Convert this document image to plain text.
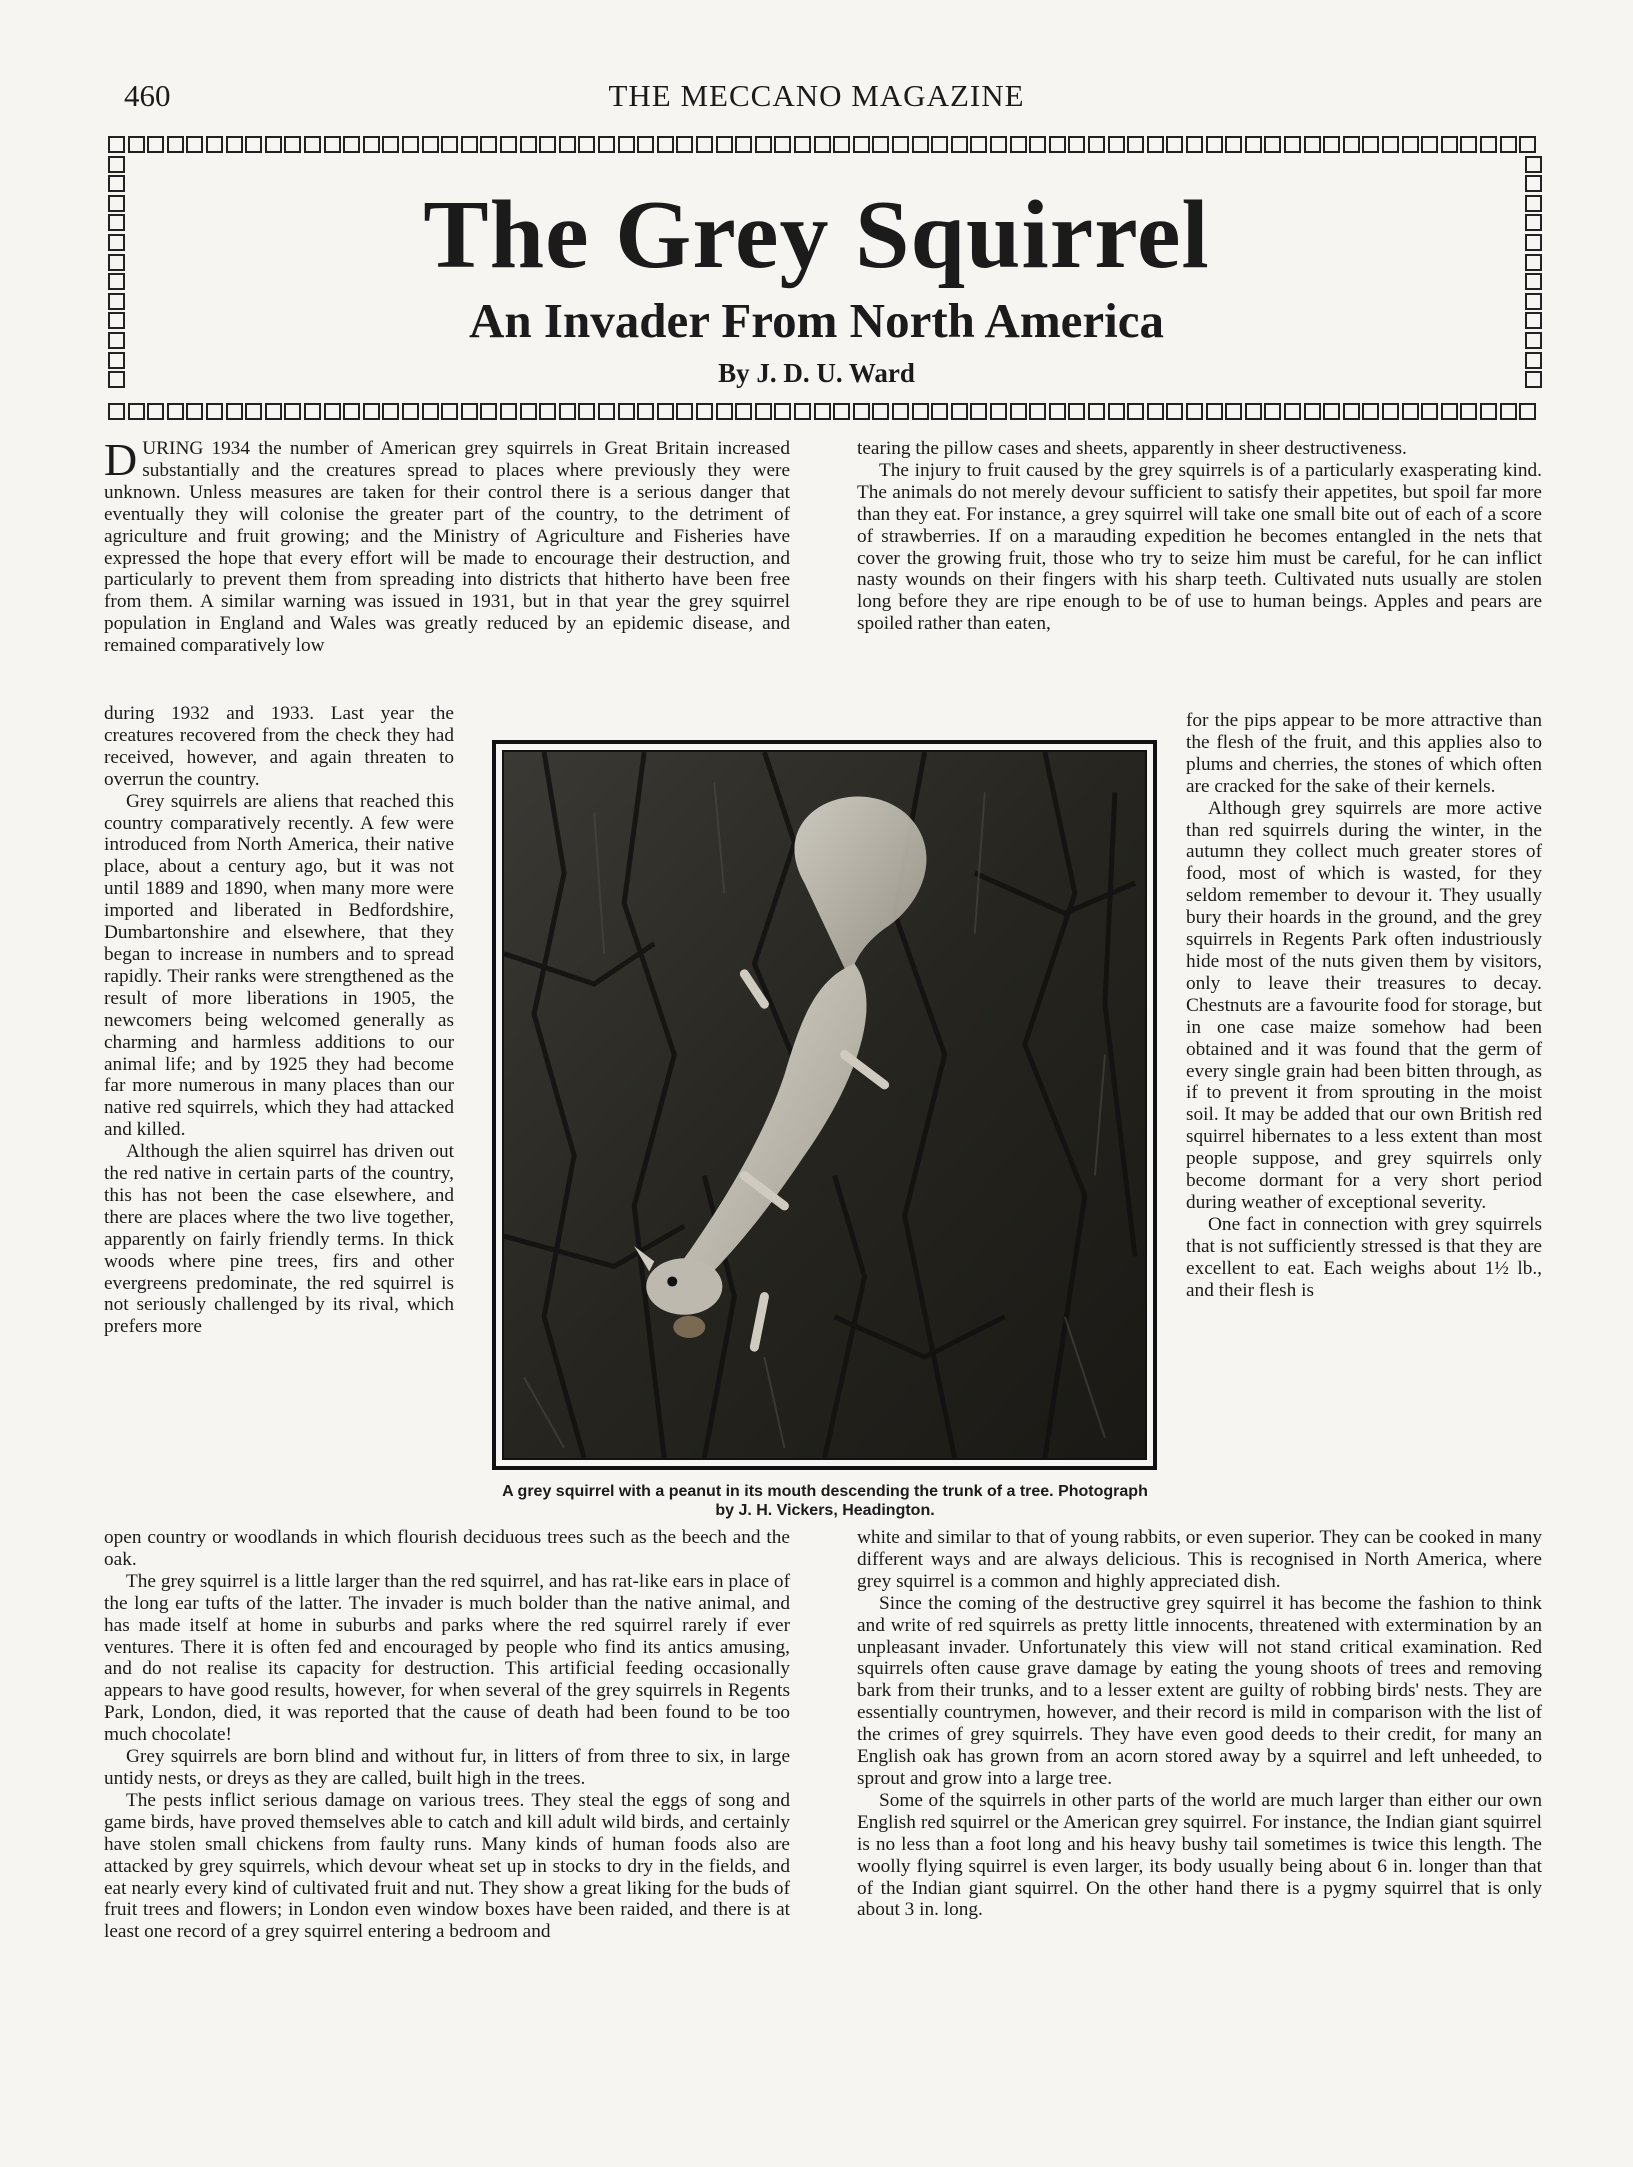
460	THE MECCANO MAGAZINE
The Grey Squirrel
An Invader From North America
By J. D. U. Ward

DURING 1934 the number of American grey squirrels in Great Britain increased substantially and the creatures spread to places where previously they were unknown. Unless measures are taken for their control there is a serious danger that eventually they will colonise the greater part of the country, to the detriment of agriculture and fruit growing; and the Ministry of Agriculture and Fisheries have expressed the hope that every effort will be made to encourage their destruction, and particularly to prevent them from spreading into districts that hitherto have been free from them. A similar warning was issued in 1931, but in that year the grey squirrel population in England and Wales was greatly reduced by an epidemic disease, and remained comparatively low

during 1932 and 1933. Last year the creatures recovered from the check they had received, however, and again threaten to overrun the country.

Grey squirrels are aliens that reached this country comparatively recently. A few were introduced from North America, their native place, about a century ago, but it was not until 1889 and 1890, when many more were imported and liberated in Bedfordshire, Dumbartonshire and elsewhere, that they began to increase in numbers and to spread rapidly. Their ranks were strengthened as the result of more liberations in 1905, the newcomers being welcomed generally as charming and harmless additions to our animal life; and by 1925 they had become far more numerous in many places than our native red squirrels, which they had attacked and killed.

Although the alien squirrel has driven out the red native in certain parts of the country, this has not been the case elsewhere, and there are places where the two live together, apparently on fairly friendly terms. In thick woods where pine trees, firs and other evergreens predominate, the red squirrel is not seriously challenged by its rival, which prefers more

open country or woodlands in which flourish deciduous trees such as the beech and the oak.

The grey squirrel is a little larger than the red squirrel, and has rat-like ears in place of the long ear tufts of the latter. The invader is much bolder than the native animal, and has made itself at home in suburbs and parks where the red squirrel rarely if ever ventures. There it is often fed and encouraged by people who find its antics amusing, and do not realise its capacity for destruction. This artificial feeding occasionally appears to have good results, however, for when several of the grey squirrels in Regents Park, London, died, it was reported that the cause of death had been found to be too much chocolate!

Grey squirrels are born blind and without fur, in litters of from three to six, in large untidy nests, or dreys as they are called, built high in the trees.

The pests inflict serious damage on various trees. They steal the eggs of song and game birds, have proved themselves able to catch and kill adult wild birds, and certainly have stolen small chickens from faulty runs. Many kinds of human foods also are attacked by grey squirrels, which devour wheat set up in stocks to dry in the fields, and eat nearly every kind of cultivated fruit and nut. They show a great liking for the buds of fruit trees and flowers; in London even window boxes have been raided, and there is at least one record of a grey squirrel entering a bedroom and

tearing the pillow cases and sheets, apparently in sheer destructiveness.

The injury to fruit caused by the grey squirrels is of a particularly exasperating kind. The animals do not merely devour sufficient to satisfy their appetites, but spoil far more than they eat. For instance, a grey squirrel will take one small bite out of each of a score of strawberries. If on a marauding expedition he becomes entangled in the nets that cover the growing fruit, those who try to seize him must be careful, for he can inflict nasty wounds on their fingers with his sharp teeth. Cultivated nuts usually are stolen long before they are ripe enough to be of use to human beings. Apples and pears are spoiled rather than eaten,

for the pips appear to be more attractive than the flesh of the fruit, and this applies also to plums and cherries, the stones of which often are cracked for the sake of their kernels.

Although grey squirrels are more active than red squirrels during the winter, in the autumn they collect much greater stores of food, most of which is wasted, for they seldom remember to devour it. They usually bury their hoards in the ground, and the grey squirrels in Regents Park often industriously hide most of the nuts given them by visitors, only to leave their treasures to decay. Chestnuts are a favourite food for storage, but in one case maize somehow had been obtained and it was found that the germ of every single grain had been bitten through, as if to prevent it from sprouting in the moist soil. It may be added that our own British red squirrel hibernates to a less extent than most people suppose, and grey squirrels only become dormant for a very short period during weather of exceptional severity.

One fact in connection with grey squirrels that is not sufficiently stressed is that they are excellent to eat. Each weighs about 1½ lb., and their flesh is

white and similar to that of young rabbits, or even superior. They can be cooked in many different ways and are always delicious. This is recognised in North America, where grey squirrel is a common and highly appreciated dish.

Since the coming of the destructive grey squirrel it has become the fashion to think and write of red squirrels as pretty little innocents, threatened with extermination by an unpleasant invader. Unfortunately this view will not stand critical examination. Red squirrels often cause grave damage by eating the young shoots of trees and removing bark from their trunks, and to a lesser extent are guilty of robbing birds' nests. They are essentially countrymen, however, and their record is mild in comparison with the list of the crimes of grey squirrels. They have even good deeds to their credit, for many an English oak has grown from an acorn stored away by a squirrel and left unheeded, to sprout and grow into a large tree.

Some of the squirrels in other parts of the world are much larger than either our own English red squirrel or the American grey squirrel. For instance, the Indian giant squirrel is no less than a foot long and his heavy bushy tail sometimes is twice this length. The woolly flying squirrel is even larger, its body usually being about 6 in. longer than that of the Indian giant squirrel. On the other hand there is a pygmy squirrel that is only about 3 in. long.

A grey squirrel with a peanut in its mouth descending the trunk of a tree. Photograph
by J. H. Vickers, Headington.
